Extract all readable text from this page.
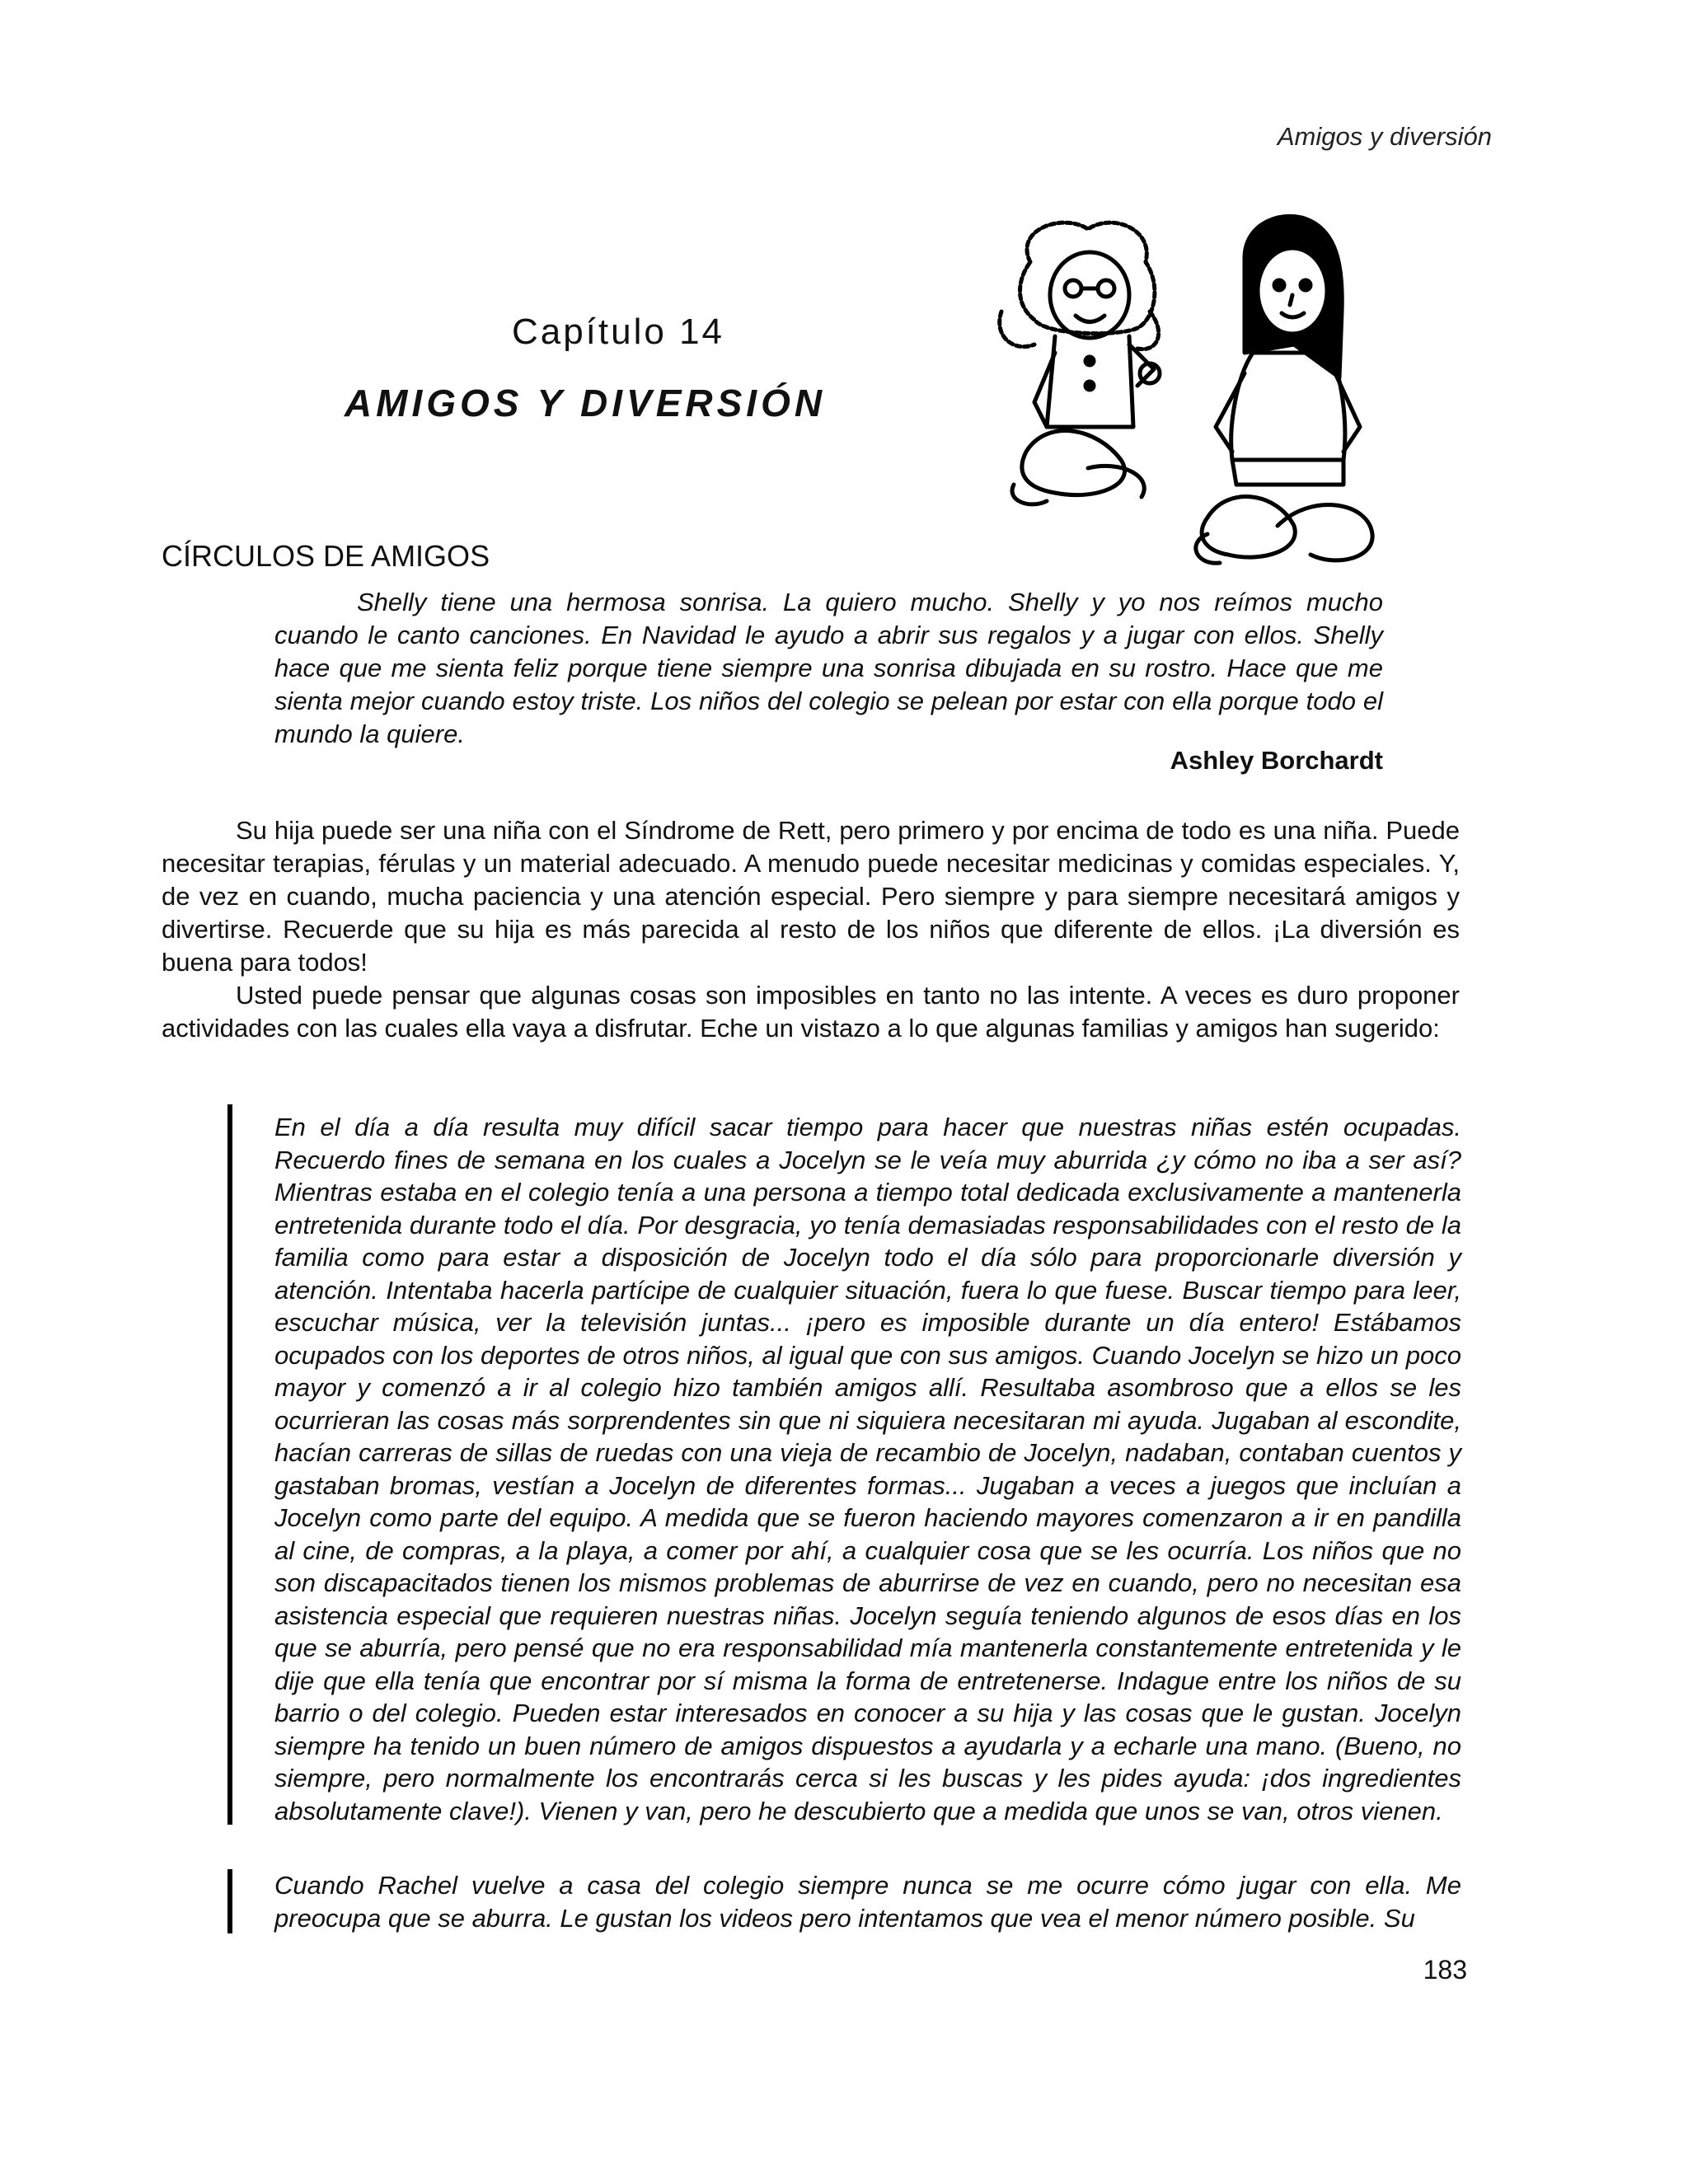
Amigos y diversión
Capítulo 14
AMIGOS Y DIVERSIÓN
CÍRCULOS DE AMIGOS

Shelly tiene una hermosa sonrisa. La quiero mucho. Shelly y yo nos reímos mucho cuando le canto canciones. En Navidad le ayudo a abrir sus regalos y a jugar con ellos. Shelly hace que me sienta feliz porque tiene siempre una sonrisa dibujada en su rostro. Hace que me sienta mejor cuando estoy triste. Los niños del colegio se pelean por estar con ella porque todo el mundo la quiere.

Ashley Borchardt

Su hija puede ser una niña con el Síndrome de Rett, pero primero y por encima de todo es una niña. Puede necesitar terapias, férulas y un material adecuado. A menudo puede necesitar medicinas y comidas especiales. Y, de vez en cuando, mucha paciencia y una atención especial. Pero siempre y para siempre necesitará amigos y divertirse. Recuerde que su hija es más parecida al resto de los niños que diferente de ellos. ¡La diversión es buena para todos!

Usted puede pensar que algunas cosas son imposibles en tanto no las intente. A veces es duro proponer actividades con las cuales ella vaya a disfrutar. Eche un vistazo a lo que algunas familias y amigos han sugerido:

En el día a día resulta muy difícil sacar tiempo para hacer que nuestras niñas estén ocupadas. Recuerdo fines de semana en los cuales a Jocelyn se le veía muy aburrida ¿y cómo no iba a ser así? Mientras estaba en el colegio tenía a una persona a tiempo total dedicada exclusivamente a mantenerla entretenida durante todo el día. Por desgracia, yo tenía demasiadas responsabilidades con el resto de la familia como para estar a disposición de Jocelyn todo el día sólo para proporcionarle diversión y atención. Intentaba hacerla partícipe de cualquier situación, fuera lo que fuese. Buscar tiempo para leer, escuchar música, ver la televisión juntas... ¡pero es imposible durante un día entero! Estábamos ocupados con los deportes de otros niños, al igual que con sus amigos. Cuando Jocelyn se hizo un poco mayor y comenzó a ir al colegio hizo también amigos allí. Resultaba asombroso que a ellos se les ocurrieran las cosas más sorprendentes sin que ni siquiera necesitaran mi ayuda. Jugaban al escondite, hacían carreras de sillas de ruedas con una vieja de recambio de Jocelyn, nadaban, contaban cuentos y gastaban bromas, vestían a Jocelyn de diferentes formas... Jugaban a veces a juegos que incluían a Jocelyn como parte del equipo. A medida que se fueron haciendo mayores comenzaron a ir en pandilla al cine, de compras, a la playa, a comer por ahí, a cualquier cosa que se les ocurría. Los niños que no son discapacitados tienen los mismos problemas de aburrirse de vez en cuando, pero no necesitan esa asistencia especial que requieren nuestras niñas. Jocelyn seguía teniendo algunos de esos días en los que se aburría, pero pensé que no era responsabilidad mía mantenerla constantemente entretenida y le dije que ella tenía que encontrar por sí misma la forma de entretenerse. Indague entre los niños de su barrio o del colegio. Pueden estar interesados en conocer a su hija y las cosas que le gustan. Jocelyn siempre ha tenido un buen número de amigos dispuestos a ayudarla y a echarle una mano. (Bueno, no siempre, pero normalmente los encontrarás cerca si les buscas y les pides ayuda: ¡dos ingredientes absolutamente clave!). Vienen y van, pero he descubierto que a medida que unos se van, otros vienen.
Cuando Rachel vuelve a casa del colegio siempre nunca se me ocurre cómo jugar con ella. Me preocupa que se aburra. Le gustan los videos pero intentamos que vea el menor número posible. Su
183
